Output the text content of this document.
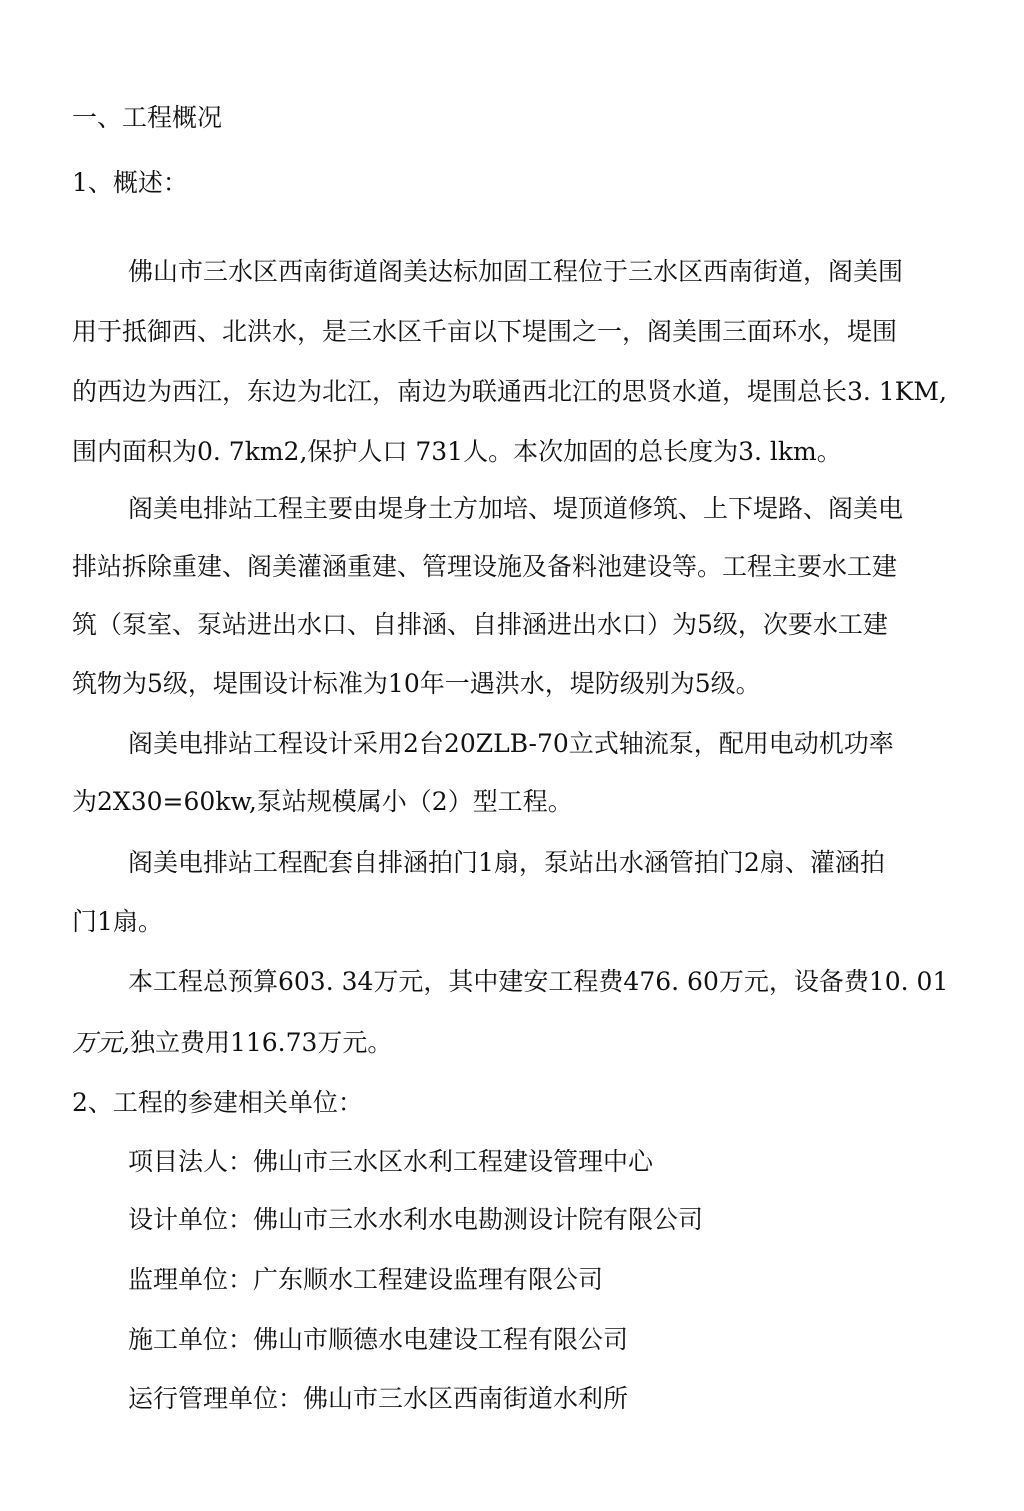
一、工程概况

1、概述：

佛山市三水区西南街道阁美达标加固工程位于三水区西南街道，阁美围

用于抵御西、北洪水，是三水区千亩以下堤围之一，阁美围三面环水，堤围

的西边为西江，东边为北江，南边为联通西北江的思贤水道，堤围总长3. 1KM,

围内面积为0. 7km2,保护人口 731人。本次加固的总长度为3. lkm。

阁美电排站工程主要由堤身土方加培、堤顶道修筑、上下堤路、阁美电

排站拆除重建、阁美灌涵重建、管理设施及备料池建设等。工程主要水工建

筑（泵室、泵站进出水口、自排涵、自排涵进出水口）为5级，次要水工建

筑物为5级，堤围设计标准为10年一遇洪水，堤防级别为5级。

阁美电排站工程设计采用2台20ZLB-70立式轴流泵，配用电动机功率

为2X30=60kw,泵站规模属小（2）型工程。

阁美电排站工程配套自排涵拍门1扇，泵站出水涵管拍门2扇、灌涵拍

门1扇。

本工程总预算603. 34万元，其中建安工程费476. 60万元，设备费10. 01

万元,独立费用116.73万元。

2、工程的参建相关单位：

项目法人：佛山市三水区水利工程建设管理中心

设计单位：佛山市三水水利水电勘测设计院有限公司

监理单位：广东顺水工程建设监理有限公司

施工单位：佛山市顺德水电建设工程有限公司

运行管理单位：佛山市三水区西南街道水利所
